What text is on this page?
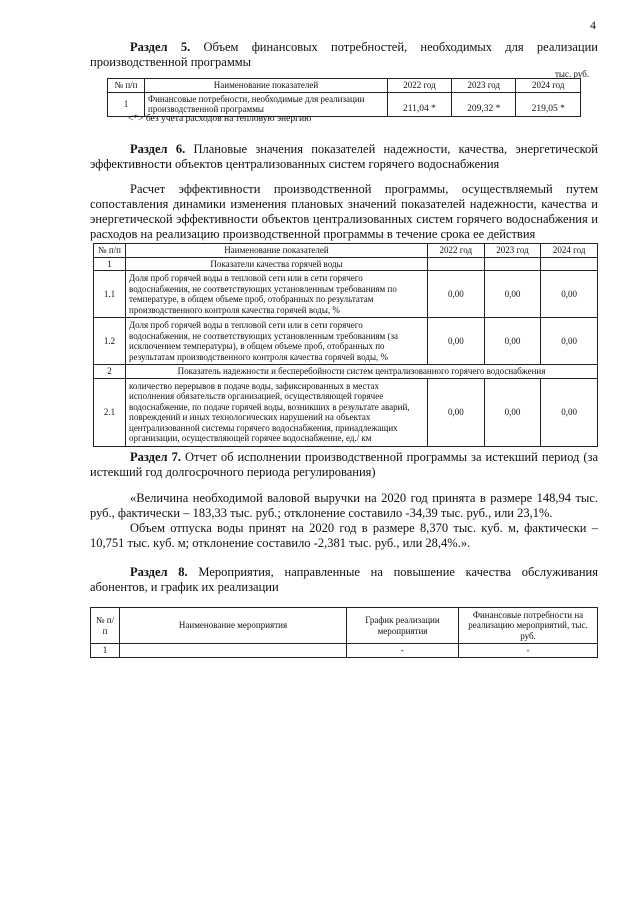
4
Раздел 5. Объем финансовых потребностей, необходимых для реализации производственной программы
тыс. руб.
№ п/п	Наименование показателей	2022 год	2023 год	2024 год
1	Финансовые потребности, необходимые для реализации производственной программы	211,04 *	209,32 *	219,05 *
<*> без учета расходов на тепловую энергию
Раздел 6. Плановые значения показателей надежности, качества, энергетической эффективности объектов централизованных систем горячего водоснабжения
Расчет эффективности производственной программы, осуществляемый путем сопоставления динамики изменения плановых значений показателей надежности, качества и энергетической эффективности объектов централизованных систем горячего водоснабжения и расходов на реализацию производственной программы в течение срока ее действия
№ п/п	Наименование показателей	2022 год	2023 год	2024 год
1	Показатели качества горячей воды			
1.1	Доля проб горячей воды в тепловой сети или в сети горячего водоснабжения, не соответствующих установленным требованиям по температуре, в общем объеме проб, отобранных по результатам производственного контроля качества горячей воды, %	0,00	0,00	0,00
1.2	Доля проб горячей воды в тепловой сети или в сети горячего водоснабжения, не соответствующих установленным требованиям (за исключением температуры), в общем объеме проб, отобранных по результатам производственного контроля качества горячей воды, %	0,00	0,00	0,00
2	Показатель надежности и бесперебойности систем централизованного горячего водоснабжения			
2.1	количество перерывов в подаче воды, зафиксированных в местах исполнения обязательств организацией, осуществляющей горячее водоснабжение, по подаче горячей воды, возникших в результате аварий, повреждений и иных технологических нарушений на объектах централизованной системы горячего водоснабжения, принадлежащих организации, осуществляющей горячее водоснабжение, ед./ км	0,00	0,00	0,00
Раздел 7. Отчет об исполнении производственной программы за истекший период (за истекший год долгосрочного периода регулирования)
«Величина необходимой валовой выручки на 2020 год принята в размере 148,94 тыс. руб., фактически – 183,33 тыс. руб.; отклонение составило -34,39 тыс. руб., или 23,1%.
Объем отпуска воды принят на 2020 год в размере 8,370 тыс. куб. м, фактически – 10,751 тыс. куб. м; отклонение составило -2,381 тыс. руб., или 28,4%.».
Раздел 8. Мероприятия, направленные на повышение качества обслуживания абонентов, и график их реализации
№ п/п	Наименование мероприятия	График реализации мероприятия	Финансовые потребности на реализацию мероприятий, тыс. руб.
1		-	-
